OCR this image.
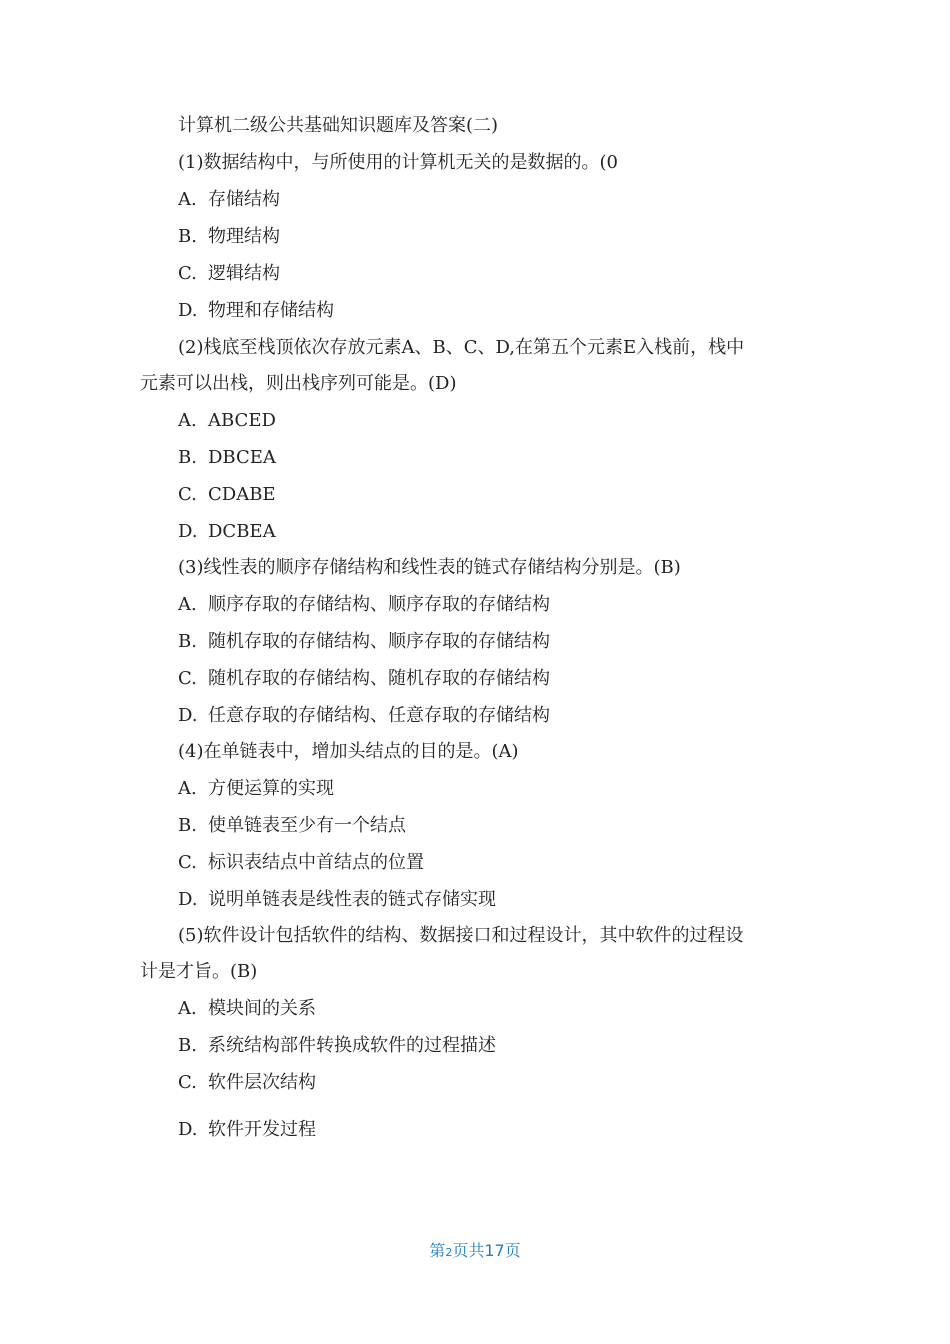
计算机二级公共基础知识题库及答案(二)
(1)数据结构中，与所使用的计算机无关的是数据的。(0
A. 存储结构
B. 物理结构
C. 逻辑结构
D. 物理和存储结构
(2)栈底至栈顶依次存放元素A、B、C、D,在第五个元素E入栈前，栈中
元素可以出栈，则出栈序列可能是。(D)
A. ABCED
B. DBCEA
C. CDABE
D. DCBEA
(3)线性表的顺序存储结构和线性表的链式存储结构分别是。(B)
A. 顺序存取的存储结构、顺序存取的存储结构
B. 随机存取的存储结构、顺序存取的存储结构
C. 随机存取的存储结构、随机存取的存储结构
D. 任意存取的存储结构、任意存取的存储结构
(4)在单链表中，增加头结点的目的是。(A)
A. 方便运算的实现
B. 使单链表至少有一个结点
C. 标识表结点中首结点的位置
D. 说明单链表是线性表的链式存储实现
(5)软件设计包括软件的结构、数据接口和过程设计，其中软件的过程设
计是才旨。(B)
A. 模块间的关系
B. 系统结构部件转换成软件的过程描述
C. 软件层次结构
D. 软件开发过程
第2页共17页
